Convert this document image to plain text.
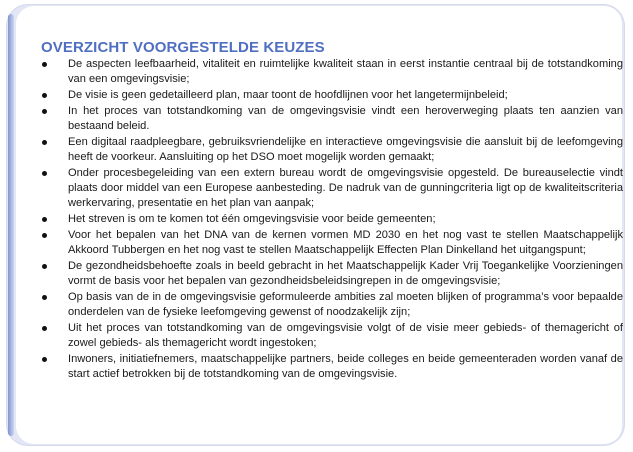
OVERZICHT VOORGESTELDE KEUZES
De aspecten leefbaarheid, vitaliteit en ruimtelijke kwaliteit staan in eerst instantie centraal bij de totstandkoming van een omgevingsvisie;
De visie is geen gedetailleerd plan, maar toont de hoofdlijnen voor het langetermijnbeleid;
In het proces van totstandkoming van de omgevingsvisie vindt een heroverweging plaats ten aanzien van bestaand beleid.
Een digitaal raadpleegbare, gebruiksvriendelijke en interactieve omgevingsvisie die aansluit bij de leefomgeving heeft de voorkeur. Aansluiting op het DSO moet mogelijk worden gemaakt;
Onder procesbegeleiding van een extern bureau wordt de omgevingsvisie opgesteld. De bureauselectie vindt plaats door middel van een Europese aanbesteding. De nadruk van de gunningcriteria ligt op de kwaliteitscriteria werkervaring, presentatie en het plan van aanpak;
Het streven is om te komen tot één omgevingsvisie voor beide gemeenten;
Voor het bepalen van het DNA van de kernen vormen MD 2030 en het nog vast te stellen Maatschappelijk Akkoord Tubbergen en het nog vast te stellen Maatschappelijk Effecten Plan Dinkelland het uitgangspunt;
De gezondheidsbehoefte zoals in beeld gebracht in het Maatschappelijk Kader Vrij Toegankelijke Voorzieningen vormt de basis voor het bepalen van gezondheidsbeleidsingrepen in de omgevingsvisie;
Op basis van de in de omgevingsvisie geformuleerde ambities zal moeten blijken of programma’s voor bepaalde onderdelen van de fysieke leefomgeving gewenst of noodzakelijk zijn;
Uit het proces van totstandkoming van de omgevingsvisie volgt of de visie meer gebieds- of themagericht of zowel gebieds- als themagericht wordt ingestoken;
Inwoners, initiatiefnemers, maatschappelijke partners, beide colleges en beide gemeenteraden worden vanaf de start actief betrokken bij de totstandkoming van de omgevingsvisie.
